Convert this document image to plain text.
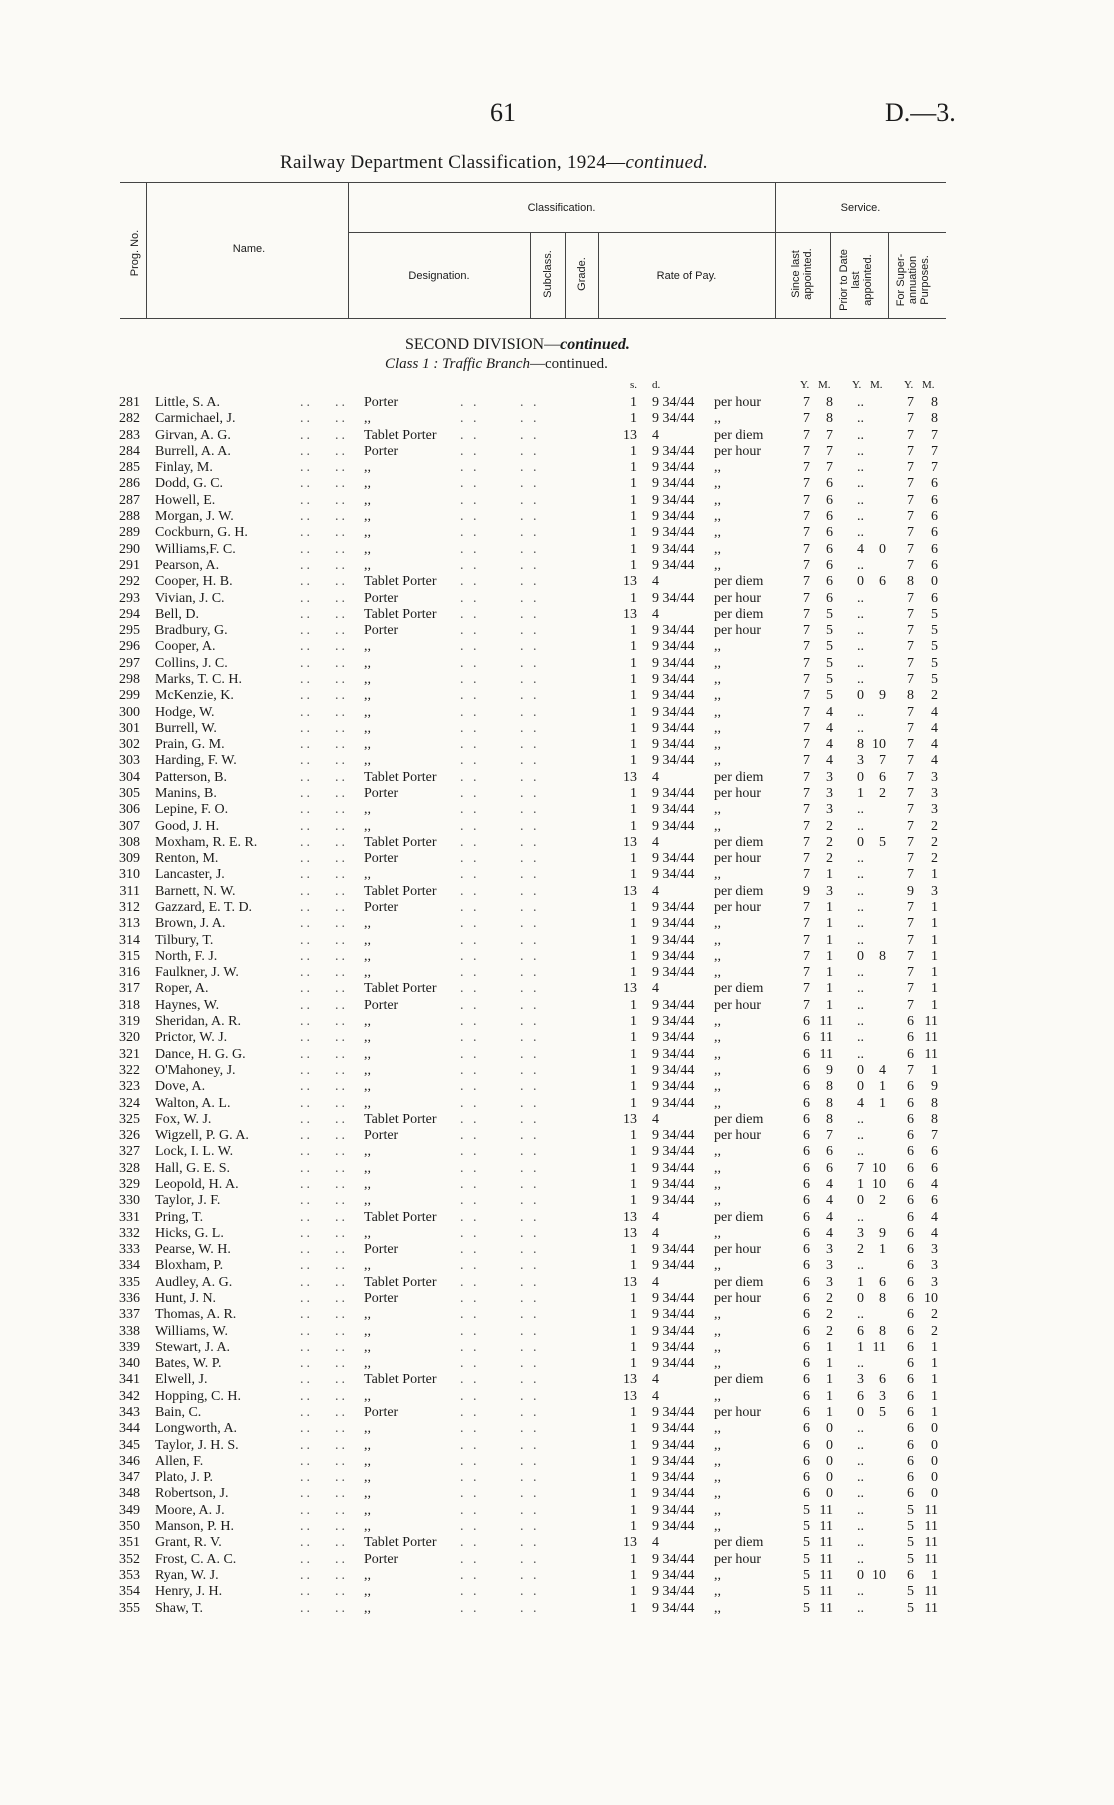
61	D.—3.
Railway Department Classification, 1924—continued.
Prog. No.	Name.
Classification.
Designation.	Subclass. Grade.	Rate of Pay.
Service.
Since last appointed. Prior to Date last appointed. For Super-annuation Purposes.
SECOND DIVISION—continued.
Class 1 : Traffic Branch—continued.
s. d.	Y. M. Y. M. Y. M.
281 Little, S. A.	.. .. Porter	. .	. .	1 9 34/44 per hour	7	8	..	7	8
282 Carmichael, J.	.. .. ,,	. .	. .	1 9 34/44 ,,	7	8	..	7	8
283 Girvan, A. G.	.. .. Tablet Porter . .	. .	13 4	per diem	7	7	..	7	7
284 Burrell, A. A.	.. .. Porter	. .	. .	1 9 34/44 per hour	7	7	..	7	7
285 Finlay, M.	.. .. ,,	. .	. .	1 9 34/44 ,,	7	7	..	7	7
286 Dodd, G. C.	.. .. ,,	. .	. .	1 9 34/44 ,,	7	6	..	7	6
287 Howell, E.	.. .. ,,	. .	. .	1 9 34/44 ,,	7	6	..	7	6
288 Morgan, J. W.	.. .. ,,	. .	. .	1 9 34/44 ,,	7	6	..	7	6
289 Cockburn, G. H.	.. .. ,,	. .	. .	1 9 34/44 ,,	7	6	..	7	6
290 Williams,F. C.	.. .. ,,	. .	. .	1 9 34/44 ,,	7	6	4	0	7	6
291 Pearson, A.	.. .. ,,	. .	. .	1 9 34/44 ,,	7	6	..	7	6
292 Cooper, H. B.	.. .. Tablet Porter . .	. .	13 4	per diem	7	6	0	6	8	0
293 Vivian, J. C.	.. .. Porter	. .	. .	1 9 34/44 per hour	7	6	..	7	6
294 Bell, D.	.. .. Tablet Porter . .	. .	13 4	per diem	7	5	..	7	5
295 Bradbury, G.	.. .. Porter	. .	. .	1 9 34/44 per hour	7	5	..	7	5
296 Cooper, A.	.. .. ,,	. .	. .	1 9 34/44 ,,	7	5	..	7	5
297 Collins, J. C.	.. .. ,,	. .	. .	1 9 34/44 ,,	7	5	..	7	5
298 Marks, T. C. H.	.. .. ,,	. .	. .	1 9 34/44 ,,	7	5	..	7	5
299 McKenzie, K.	.. .. ,,	. .	. .	1 9 34/44 ,,	7	5	0	9	8	2
300 Hodge, W.	.. .. ,,	. .	. .	1 9 34/44 ,,	7	4	..	7	4
301 Burrell, W.	.. .. ,,	. .	. .	1 9 34/44 ,,	7	4	..	7	4
302 Prain, G. M.	.. .. ,,	. .	. .	1 9 34/44 ,,	7	4	8 10	7	4
303 Harding, F. W.	.. .. ,,	. .	. .	1 9 34/44 ,,	7	4	3	7	7	4
304 Patterson, B.	.. .. Tablet Porter . .	. .	13 4	per diem	7	3	0	6	7	3
305 Manins, B.	.. .. Porter	. .	. .	1 9 34/44 per hour	7	3	1	2	7	3
306 Lepine, F. O.	.. .. ,,	. .	. .	1 9 34/44 ,,	7	3	..	7	3
307 Good, J. H.	.. .. ,,	. .	. .	1 9 34/44 ,,	7	2	..	7	2
308 Moxham, R. E. R.	.. .. Tablet Porter . .	. .	13 4	per diem	7	2	0	5	7	2
309 Renton, M.	.. .. Porter	. .	. .	1 9 34/44 per hour	7	2	..	7	2
310 Lancaster, J.	.. .. ,,	. .	. .	1 9 34/44 ,,	7	1	..	7	1
311 Barnett, N. W.	.. .. Tablet Porter . .	. .	13 4	per diem	9	3	..	9	3
312 Gazzard, E. T. D.	.. .. Porter	. .	. .	1 9 34/44 per hour	7	1	..	7	1
313 Brown, J. A.	.. .. ,,	. .	. .	1 9 34/44 ,,	7	1	..	7	1
314 Tilbury, T.	.. .. ,,	. .	. .	1 9 34/44 ,,	7	1	..	7	1
315 North, F. J.	.. .. ,,	. .	. .	1 9 34/44 ,,	7	1	0	8	7	1
316 Faulkner, J. W.	.. .. ,,	. .	. .	1 9 34/44 ,,	7	1	..	7	1
317 Roper, A.	.. .. Tablet Porter . .	. .	13 4	per diem	7	1	..	7	1
318 Haynes, W.	.. .. Porter	. .	. .	1 9 34/44 per hour	7	1	..	7	1
319 Sheridan, A. R.	.. .. ,,	. .	. .	1 9 34/44 ,,	6 11	..	6 11
320 Prictor, W. J.	.. .. ,,	. .	. .	1 9 34/44 ,,	6 11	..	6 11
321 Dance, H. G. G.	.. .. ,,	. .	. .	1 9 34/44 ,,	6 11	..	6 11
322 O'Mahoney, J.	.. .. ,,	. .	. .	1 9 34/44 ,,	6	9	0	4	7	1
323 Dove, A.	.. .. ,,	. .	. .	1 9 34/44 ,,	6	8	0	1	6	9
324 Walton, A. L.	.. .. ,,	. .	. .	1 9 34/44 ,,	6	8	4	1	6	8
325 Fox, W. J.	.. .. Tablet Porter . .	. .	13 4	per diem	6	8	..	6	8
326 Wigzell, P. G. A.	.. .. Porter	. .	. .	1 9 34/44 per hour	6	7	..	6	7
327 Lock, I. L. W.	.. .. ,,	. .	. .	1 9 34/44 ,,	6	6	..	6	6
328 Hall, G. E. S.	.. .. ,,	. .	. .	1 9 34/44 ,,	6	6	7 10	6	6
329 Leopold, H. A.	.. .. ,,	. .	. .	1 9 34/44 ,,	6	4	1 10	6	4
330 Taylor, J. F.	.. .. ,,	. .	. .	1 9 34/44 ,,	6	4	0	2	6	6
331 Pring, T.	.. .. Tablet Porter . .	. .	13 4	per diem	6	4	..	6	4
332 Hicks, G. L.	.. .. ,,	. .	. .	13 4	,,	6	4	3	9	6	4
333 Pearse, W. H.	.. .. Porter	. .	. .	1 9 34/44 per hour	6	3	2	1	6	3
334 Bloxham, P.	.. .. ,,	. .	. .	1 9 34/44 ,,	6	3	..	6	3
335 Audley, A. G.	.. .. Tablet Porter . .	. .	13 4	per diem	6	3	1	6	6	3
336 Hunt, J. N.	.. .. Porter	. .	. .	1 9 34/44 per hour	6	2	0	8	6 10
337 Thomas, A. R.	.. .. ,,	. .	. .	1 9 34/44 ,,	6	2	..	6	2
338 Williams, W.	.. .. ,,	. .	. .	1 9 34/44 ,,	6	2	6	8	6	2
339 Stewart, J. A.	.. .. ,,	. .	. .	1 9 34/44 ,,	6	1	1 11	6	1
340 Bates, W. P.	.. .. ,,	. .	. .	1 9 34/44 ,,	6	1	..	6	1
341 Elwell, J.	.. .. Tablet Porter . .	. .	13 4	per diem	6	1	3	6	6	1
342 Hopping, C. H.	.. .. ,,	. .	. .	13 4	,,	6	1	6	3	6	1
343 Bain, C.	.. .. Porter	. .	. .	1 9 34/44 per hour	6	1	0	5	6	1
344 Longworth, A.	.. .. ,,	. .	. .	1 9 34/44 ,,	6	0	..	6	0
345 Taylor, J. H. S.	.. .. ,,	. .	. .	1 9 34/44 ,,	6	0	..	6	0
346 Allen, F.	.. .. ,,	. .	. .	1 9 34/44 ,,	6	0	..	6	0
347 Plato, J. P.	.. .. ,,	. .	. .	1 9 34/44 ,,	6	0	..	6	0
348 Robertson, J.	.. .. ,,	. .	. .	1 9 34/44 ,,	6	0	..	6	0
349 Moore, A. J.	.. .. ,,	. .	. .	1 9 34/44 ,,	5 11	..	5 11
350 Manson, P. H.	.. .. ,,	. .	. .	1 9 34/44 ,,	5 11	..	5 11
351 Grant, R. V.	.. .. Tablet Porter . .	. .	13 4	per diem	5 11	..	5 11
352 Frost, C. A. C.	.. .. Porter	. .	. .	1 9 34/44 per hour	5 11	..	5 11
353 Ryan, W. J.	.. .. ,,	. .	. .	1 9 34/44 ,,	5 11	0 10	6	1
354 Henry, J. H.	.. .. ,,	. .	. .	1 9 34/44 ,,	5 11	..	5 11
355 Shaw, T.	.. .. ,,	. .	. .	1 9 34/44 ,,	5 11	..	5 11
